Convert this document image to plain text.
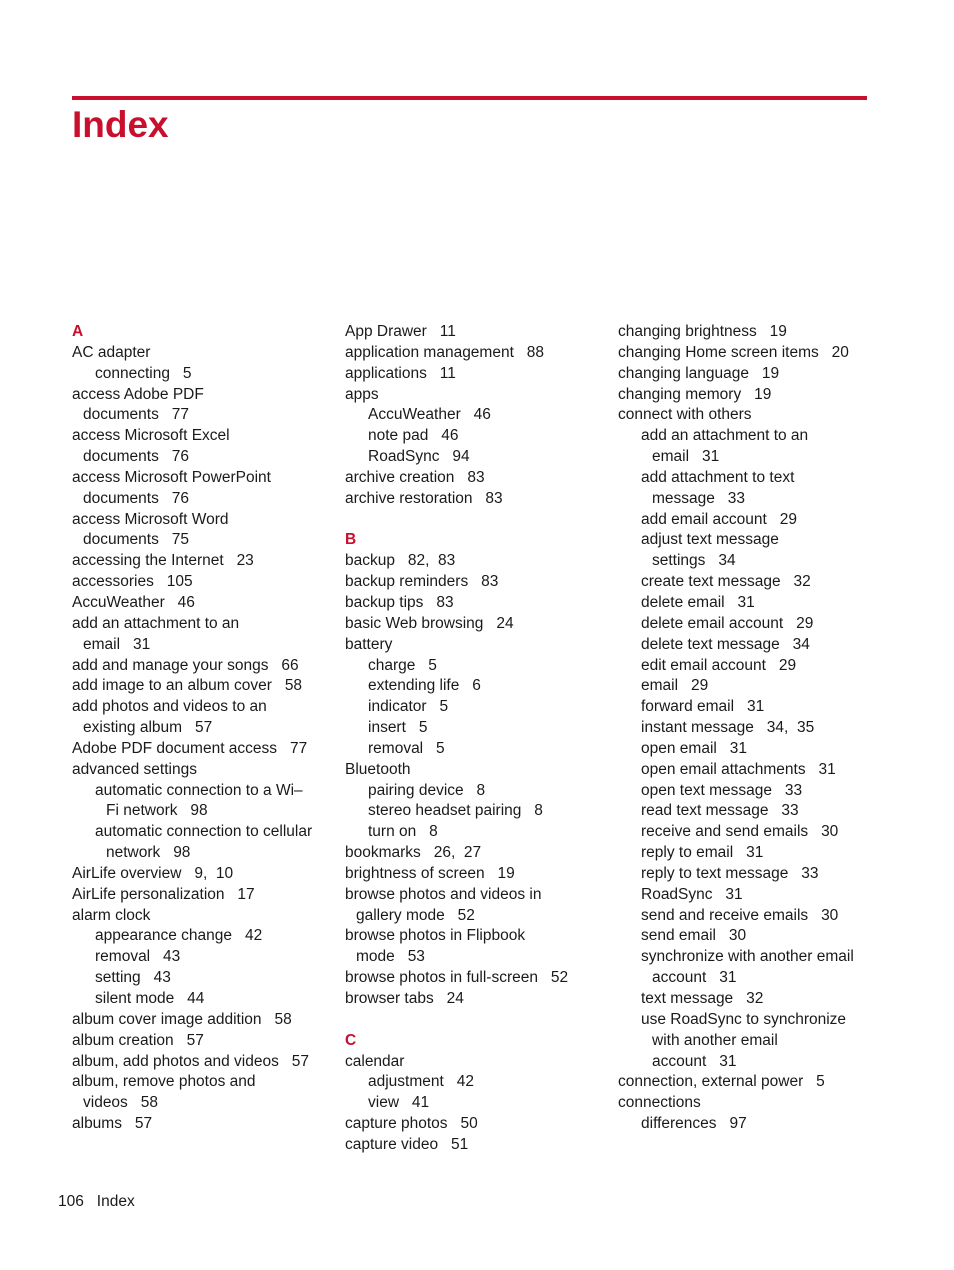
Index
A
AC adapter
connecting   5
access Adobe PDF
documents   77
access Microsoft Excel
documents   76
access Microsoft PowerPoint
documents   76
access Microsoft Word
documents   75
accessing the Internet   23
accessories   105
AccuWeather   46
add an attachment to an
email   31
add and manage your songs   66
add image to an album cover   58
add photos and videos to an
existing album   57
Adobe PDF document access   77
advanced settings
automatic connection to a Wi–
Fi network   98
automatic connection to cellular
network   98
AirLife overview   9,  10
AirLife personalization   17
alarm clock
appearance change   42
removal   43
setting   43
silent mode   44
album cover image addition   58
album creation   57
album, add photos and videos   57
album, remove photos and
videos   58
albums   57
App Drawer   11
application management   88
applications   11
apps
AccuWeather   46
note pad   46
RoadSync   94
archive creation   83
archive restoration   83
B
backup   82,  83
backup reminders   83
backup tips   83
basic Web browsing   24
battery
charge   5
extending life   6
indicator   5
insert   5
removal   5
Bluetooth
pairing device   8
stereo headset pairing   8
turn on   8
bookmarks   26,  27
brightness of screen   19
browse photos and videos in
gallery mode   52
browse photos in Flipbook
mode   53
browse photos in full-screen   52
browser tabs   24
C
calendar
adjustment   42
view   41
capture photos   50
capture video   51
changing brightness   19
changing Home screen items   20
changing language   19
changing memory   19
connect with others
add an attachment to an
email   31
add attachment to text
message   33
add email account   29
adjust text message
settings   34
create text message   32
delete email   31
delete email account   29
delete text message   34
edit email account   29
email   29
forward email   31
instant message   34,  35
open email   31
open email attachments   31
open text message   33
read text message   33
receive and send emails   30
reply to email   31
reply to text message   33
RoadSync   31
send and receive emails   30
send email   30
synchronize with another email
account   31
text message   32
use RoadSync to synchronize
with another email
account   31
connection, external power   5
connections
differences   97
106   Index
